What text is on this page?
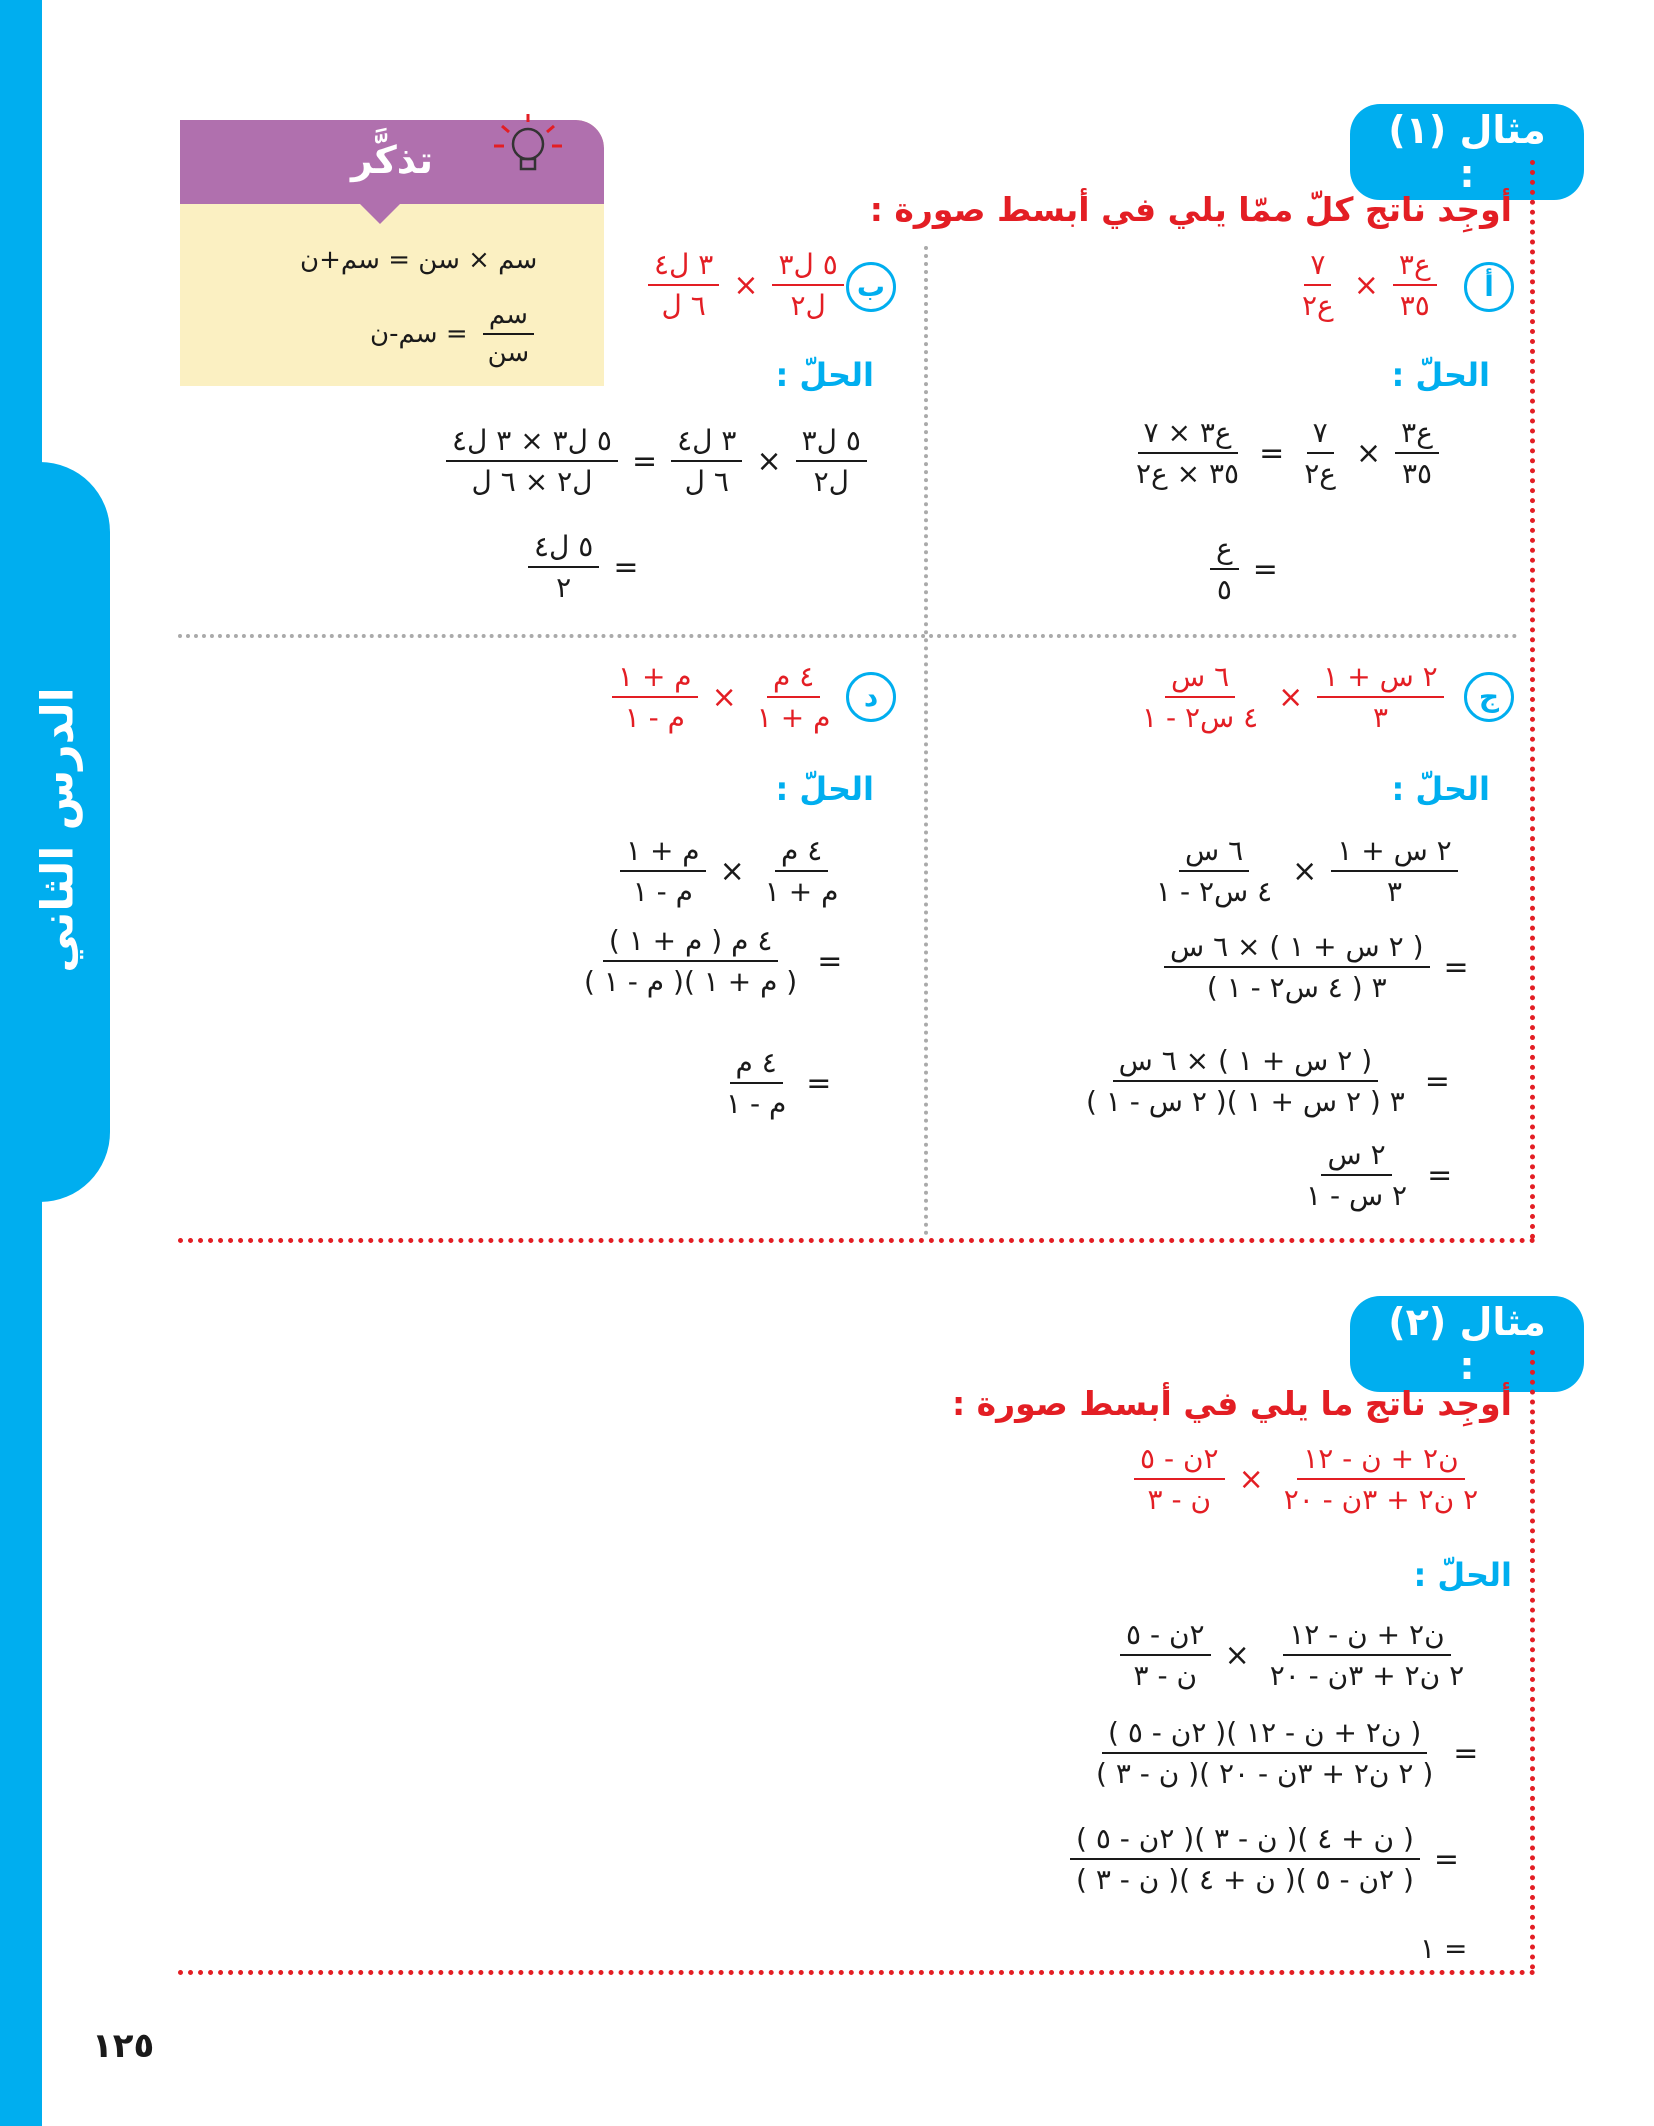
الدرس الثاني
تذكَّر
سم × سن = سم+ن
$\frac{\text{سم}}{\text{سن}}$
= سم-ن
مثال (١) :
أوجِد ناتج كلّ ممّا يلي في أبسط صورة :
أ
$\frac{\text{ع٣}}{٣٥}$
×
$\frac{٧}{\text{ع٢}}$
الحلّ :
$\frac{\text{ع٣}}{٣٥}$
×
$\frac{٧}{\text{ع٢}}$
=
$\frac{\text{ع٣ × ٧}}{\text{٣٥ × ع٢}}$
=
$\frac{\text{ع}}{٥}$
ب
$\frac{\text{٥ ل٣}}{\text{ل٢}}$
×
$\frac{\text{٣ ل٤}}{\text{٦ ل}}$
الحلّ :
$\frac{\text{٥ ل٣}}{\text{ل٢}}$
×
$\frac{\text{٣ ل٤}}{\text{٦ ل}}$
=
$\frac{\text{٥ ل٣ × ٣ ل٤}}{\text{ل٢ × ٦ ل}}$
=
$\frac{\text{٥ ل٤}}{٢}$
ج
$\frac{\text{٢ س + ١}}{٣}$
×
$\frac{\text{٦ س}}{\text{٤ س٢ - ١}}$
الحلّ :
$\frac{\text{٢ س + ١}}{٣}$
×
$\frac{\text{٦ س}}{\text{٤ س٢ - ١}}$
=
$\frac{\text{( ٢ س + ١ ) × ٦ س}}{\text{٣ ( ٤ س٢ - ١ )}}$
=
$\frac{\text{( ٢ س + ١ ) × ٦ س}}{\text{٣ ( ٢ س + ١ )( ٢ س - ١ )}}$
=
$\frac{\text{٢ س}}{\text{٢ س - ١}}$
د
$\frac{\text{٤ م}}{\text{م + ١}}$
×
$\frac{\text{م + ١}}{\text{م - ١}}$
الحلّ :
$\frac{\text{٤ م}}{\text{م + ١}}$
×
$\frac{\text{م + ١}}{\text{م - ١}}$
=
$\frac{\text{٤ م ( م + ١ )}}{\text{( م + ١ )( م - ١ )}}$
=
$\frac{\text{٤ م}}{\text{م - ١}}$
مثال (٢) :
أوجِد ناتج ما يلي في أبسط صورة :
$\frac{\text{ن٢ + ن - ١٢}}{\text{٢ ن٢ + ٣ن - ٢٠}}$
×
$\frac{\text{٢ن - ٥}}{\text{ن - ٣}}$
الحلّ :
$\frac{\text{ن٢ + ن - ١٢}}{\text{٢ ن٢ + ٣ن - ٢٠}}$
×
$\frac{\text{٢ن - ٥}}{\text{ن - ٣}}$
=
$\frac{\text{( ن٢ + ن - ١٢ )( ٢ن - ٥ )}}{\text{( ٢ ن٢ + ٣ن - ٢٠ )( ن - ٣ )}}$
=
$\frac{\text{( ن + ٤ )( ن - ٣ )( ٢ن - ٥ )}}{\text{( ٢ن - ٥ )( ن + ٤ )( ن - ٣ )}}$
= ١
١٢٥
